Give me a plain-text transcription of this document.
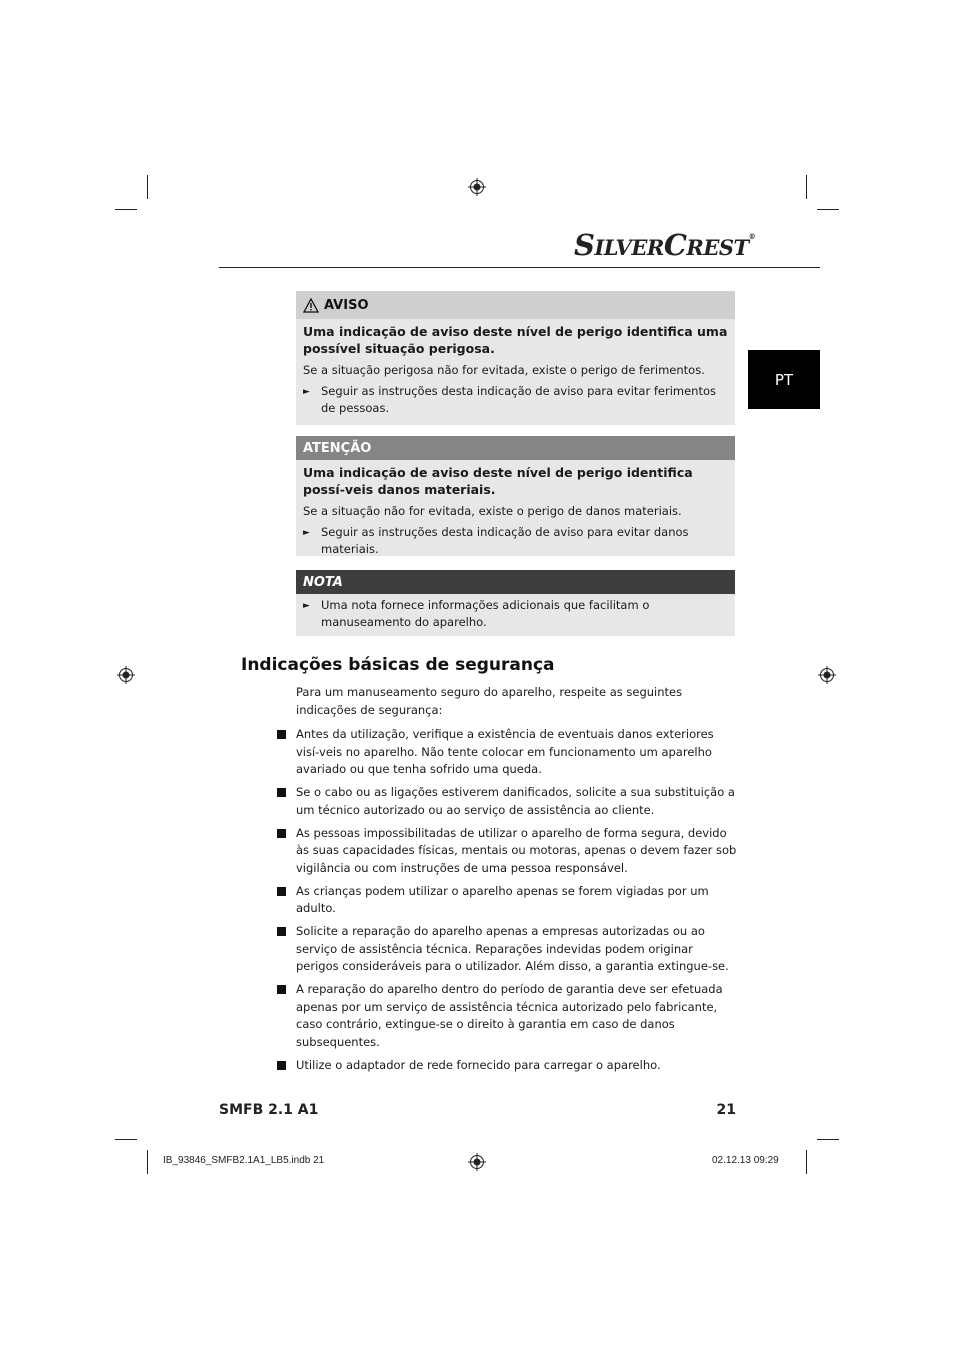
SILVERCREST®
PT
AVISO

Uma indicação de aviso deste nível de perigo identifica uma possível situação perigosa.

Se a situação perigosa não for evitada, existe o perigo de ferimentos.

► Seguir as instruções desta indicação de aviso para evitar ferimentos de pessoas.
ATENÇÃO

Uma indicação de aviso deste nível de perigo identifica possí-veis danos materiais.

Se a situação não for evitada, existe o perigo de danos materiais.

► Seguir as instruções desta indicação de aviso para evitar danos materiais.
NOTA
► Uma nota fornece informações adicionais que facilitam o manuseamento do aparelho.
Indicações básicas de segurança
Para um manuseamento seguro do aparelho, respeite as seguintes indicações de segurança:
Antes da utilização, verifique a existência de eventuais danos exteriores visí-veis no aparelho. Não tente colocar em funcionamento um aparelho avariado ou que tenha sofrido uma queda.
Se o cabo ou as ligações estiverem danificados, solicite a sua substituição a um técnico autorizado ou ao serviço de assistência ao cliente.
As pessoas impossibilitadas de utilizar o aparelho de forma segura, devido às suas capacidades físicas, mentais ou motoras, apenas o devem fazer sob vigilância ou com instruções de uma pessoa responsável.
As crianças podem utilizar o aparelho apenas se forem vigiadas por um adulto.
Solicite a reparação do aparelho apenas a empresas autorizadas ou ao serviço de assistência técnica. Reparações indevidas podem originar perigos consideráveis para o utilizador. Além disso, a garantia extingue-se.
A reparação do aparelho dentro do período de garantia deve ser efetuada apenas por um serviço de assistência técnica autorizado pelo fabricante, caso contrário, extingue-se o direito à garantia em caso de danos subsequentes.
Utilize o adaptador de rede fornecido para carregar o aparelho.
SMFB 2.1 A1	21
IB_93846_SMFB2.1A1_LB5.indb 21	02.12.13 09:29
